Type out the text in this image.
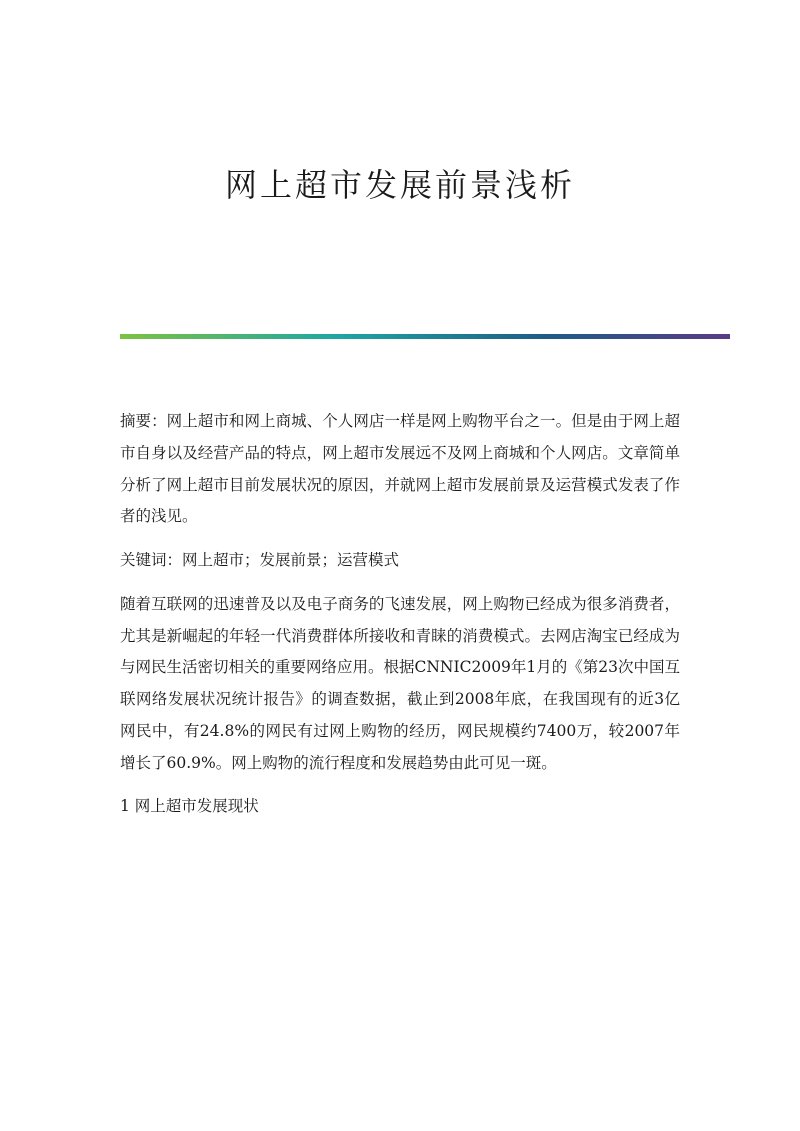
网上超市发展前景浅析

摘要：网上超市和网上商城、个人网店一样是网上购物平台之一。但是由于网上超市自身以及经营产品的特点，网上超市发展远不及网上商城和个人网店。文章简单分析了网上超市目前发展状况的原因，并就网上超市发展前景及运营模式发表了作者的浅见。

关键词：网上超市；发展前景；运营模式

随着互联网的迅速普及以及电子商务的飞速发展，网上购物已经成为很多消费者，尤其是新崛起的年轻一代消费群体所接收和青睐的消费模式。去网店淘宝已经成为与网民生活密切相关的重要网络应用。根据CNNIC2009年1月的《第23次中国互联网络发展状况统计报告》的调查数据，截止到2008年底，在我国现有的近3亿网民中，有24.8%的网民有过网上购物的经历，网民规模约7400万，较2007年增长了60.9%。网上购物的流行程度和发展趋势由此可见一斑。

1 网上超市发展现状
